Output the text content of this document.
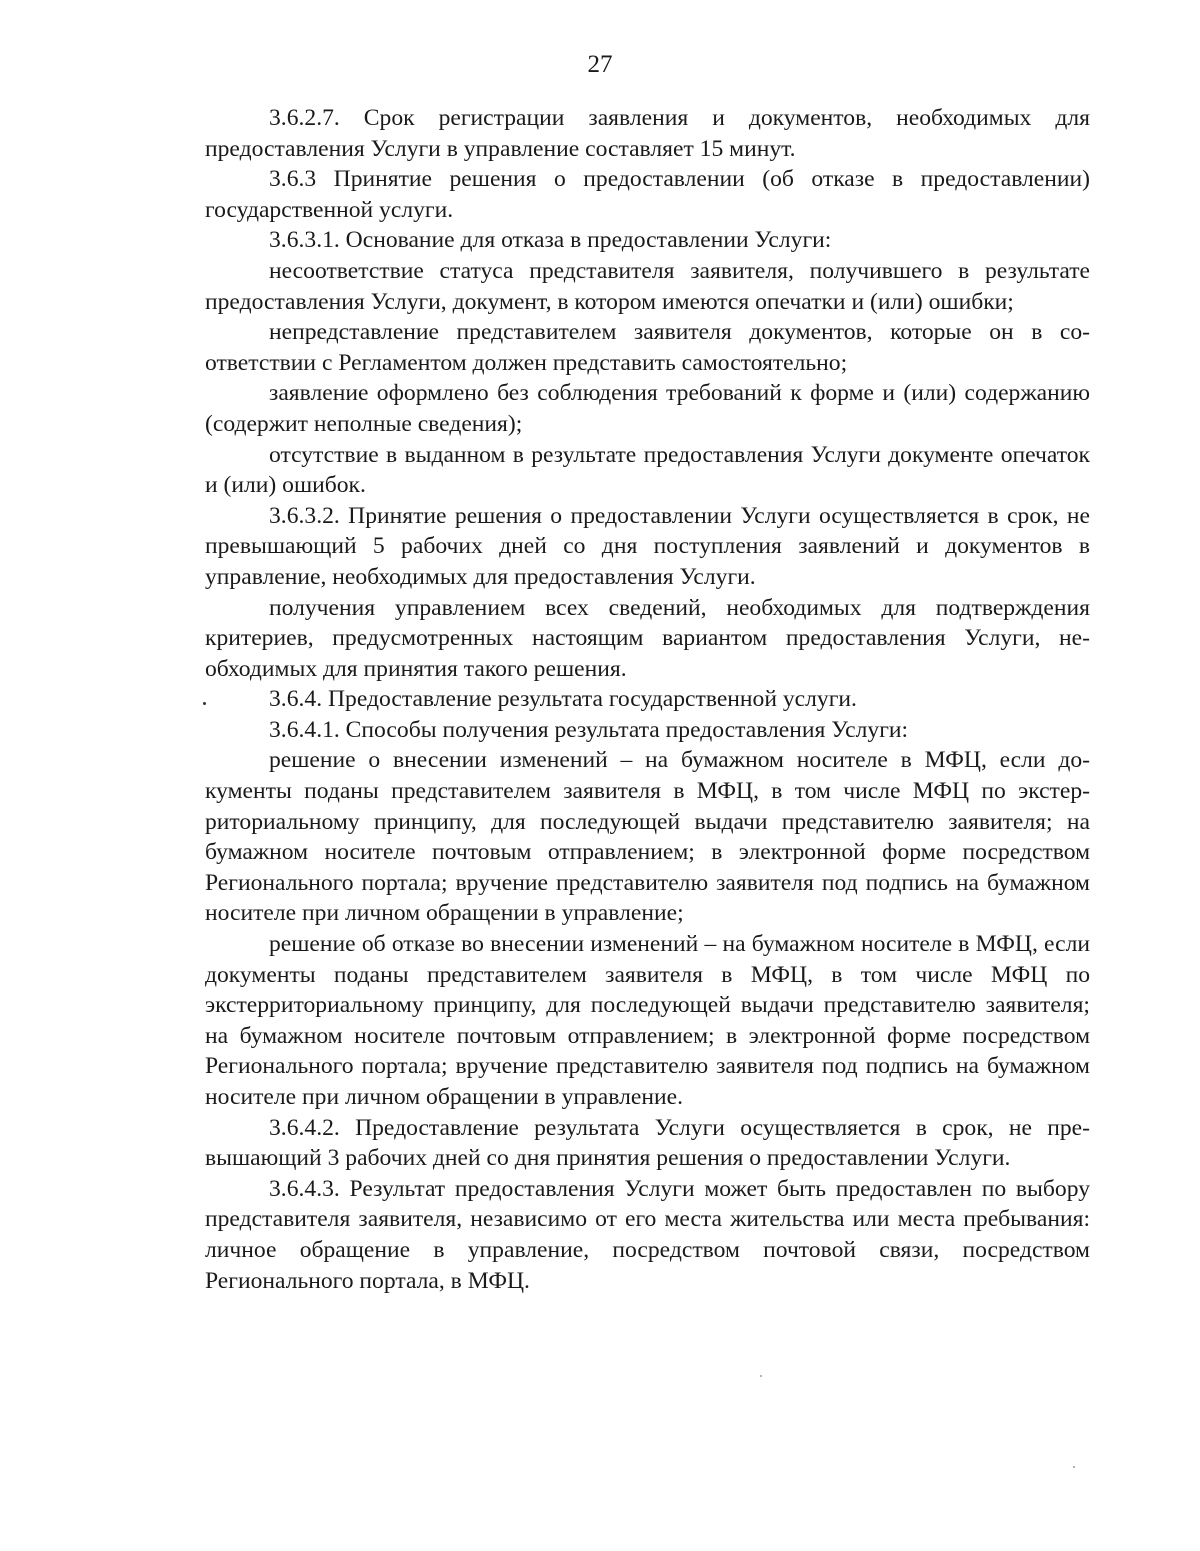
27

3.6.2.7. Срок регистрации заявления и документов, необходимых для предоставления Услуги в управление составляет 15 минут.

3.6.3 Принятие решения о предоставлении (об отказе в предоставлении) государственной услуги.

3.6.3.1. Основание для отказа в предоставлении Услуги:

несоответствие статуса представителя заявителя, получившего в результате предоставления Услуги, документ, в котором имеются опечатки и (или) ошибки;

непредставление представителем заявителя документов, которые он в соответствии с Регламентом должен представить самостоятельно;

заявление оформлено без соблюдения требований к форме и (или) содержанию (содержит неполные сведения);

отсутствие в выданном в результате предоставления Услуги документе опечаток и (или) ошибок.

3.6.3.2. Принятие решения о предоставлении Услуги осуществляется в срок, не превышающий 5 рабочих дней со дня поступления заявлений и документов в управление, необходимых для предоставления Услуги.

получения управлением всех сведений, необходимых для подтверждения критериев, предусмотренных настоящим вариантом предоставления Услуги, необходимых для принятия такого решения.

3.6.4. Предоставление результата государственной услуги.

3.6.4.1. Способы получения результата предоставления Услуги:

решение о внесении изменений – на бумажном носителе в МФЦ, если документы поданы представителем заявителя в МФЦ, в том числе МФЦ по экстерриториальному принципу, для последующей выдачи представителю заявителя; на бумажном носителе почтовым отправлением; в электронной форме посредством Регионального портала; вручение представителю заявителя под подпись на бумажном носителе при личном обращении в управление;

решение об отказе во внесении изменений – на бумажном носителе в МФЦ, если документы поданы представителем заявителя в МФЦ, в том числе МФЦ по экстерриториальному принципу, для последующей выдачи представителю заявителя; на бумажном носителе почтовым отправлением; в электронной форме посредством Регионального портала; вручение представителю заявителя под подпись на бумажном носителе при личном обращении в управление.

3.6.4.2. Предоставление результата Услуги осуществляется в срок, не превышающий 3 рабочих дней со дня принятия решения о предоставлении Услуги.

3.6.4.3. Результат предоставления Услуги может быть предоставлен по выбору представителя заявителя, независимо от его места жительства или места пребывания: личное обращение в управление, посредством почтовой связи, посредством Регионального портала, в МФЦ.
